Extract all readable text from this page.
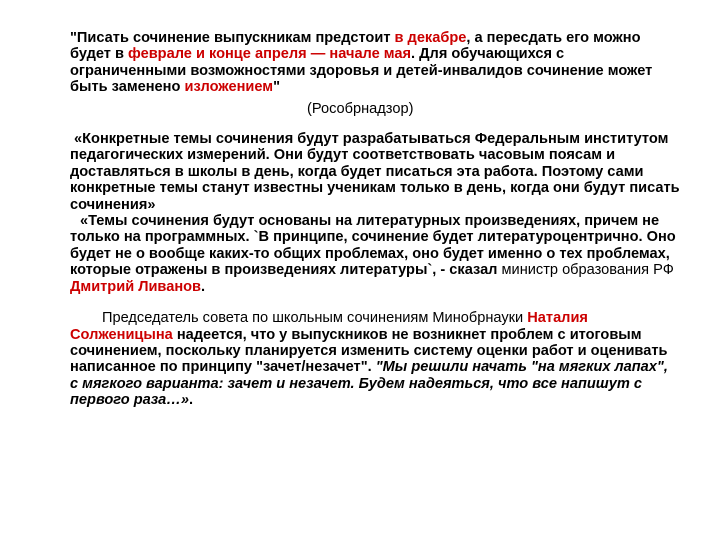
"Писать сочинение выпускникам предстоит в декабре, а пересдать его можно будет в феврале и конце апреля — начале мая. Для обучающихся с ограниченными возможностями здоровья и детей-инвалидов сочинение может быть заменено изложением"

(Рособрнадзор)

«Конкретные темы сочинения будут разрабатываться Федеральным институтом педагогических измерений. Они будут соответствовать часовым поясам и доставляться в школы в день, когда будет писаться эта работа. Поэтому сами конкретные темы станут известны ученикам только в день, когда они будут писать сочинения»

«Темы сочинения будут основаны на литературных произведениях, причем не только на программных. `В принципе, сочинение будет литературоцентрично. Оно будет не о вообще каких-то общих проблемах, оно будет именно о тех проблемах, которые отражены в произведениях литературы`, - сказал министр образования РФ Дмитрий Ливанов.

Председатель совета по школьным сочинениям Минобрнауки Наталия Солженицына надеется, что у выпускников не возникнет проблем с итоговым сочинением, поскольку планируется изменить систему оценки работ и оценивать написанное по принципу "зачет/незачет". "Мы решили начать "на мягких лапах", с мягкого варианта: зачет и незачет. Будем надеяться, что все напишут с первого раза…».
